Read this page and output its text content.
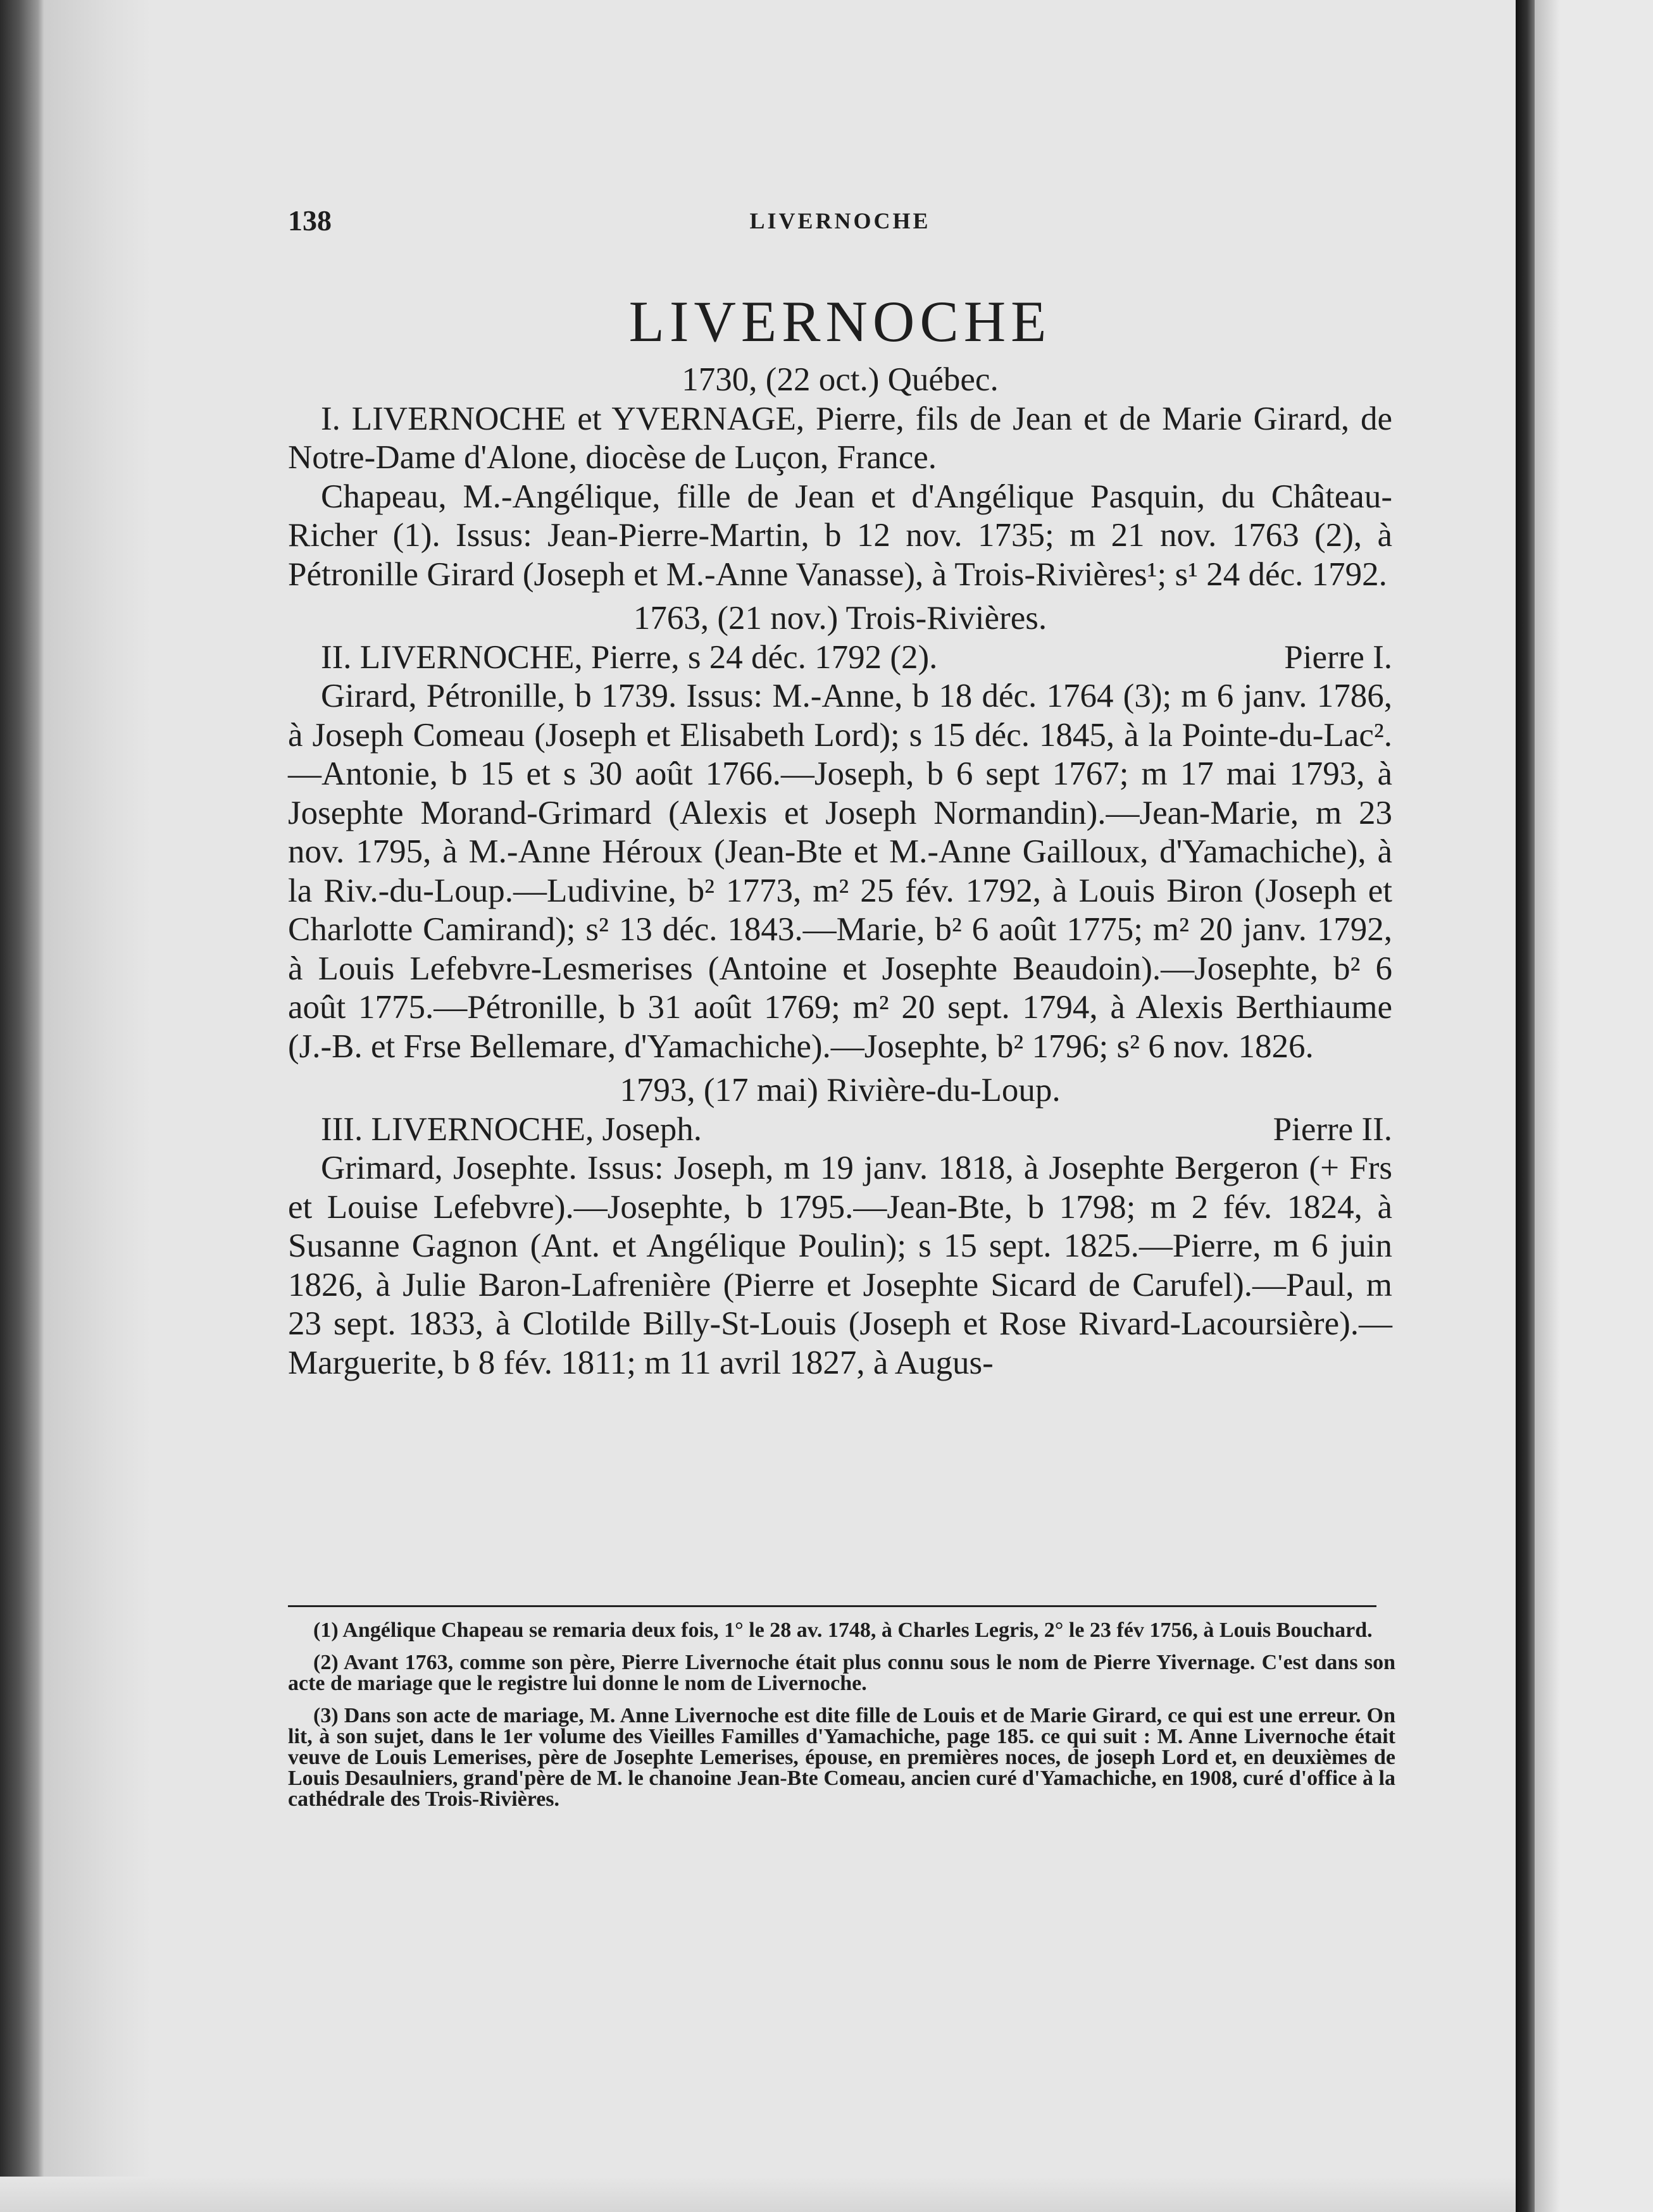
138	LIVERNOCHE
LIVERNOCHE

1730, (22 oct.) Québec.

I. LIVERNOCHE et YVERNAGE, Pierre, fils de Jean et de Marie Girard, de Notre-Dame d'Alone, diocèse de Luçon, France.

Chapeau, M.-Angélique, fille de Jean et d'Angélique Pasquin, du Château-Richer (1). Issus: Jean-Pierre-Martin, b 12 nov. 1735; m 21 nov. 1763 (2), à Pétronille Girard (Joseph et M.-Anne Vanasse), à Trois-Rivières¹; s¹ 24 déc. 1792.

1763, (21 nov.) Trois-Rivières.

II. LIVERNOCHE, Pierre, s 24 déc. 1792 (2).	Pierre I.

Girard, Pétronille, b 1739. Issus: M.-Anne, b 18 déc. 1764 (3); m 6 janv. 1786, à Joseph Comeau (Joseph et Elisabeth Lord); s 15 déc. 1845, à la Pointe-du-Lac².—Antonie, b 15 et s 30 août 1766.—Joseph, b 6 sept 1767; m 17 mai 1793, à Josephte Morand-Grimard (Alexis et Joseph Normandin).—Jean-Marie, m 23 nov. 1795, à M.-Anne Héroux (Jean-Bte et M.-Anne Gailloux, d'Yamachiche), à la Riv.-du-Loup.—Ludivine, b² 1773, m² 25 fév. 1792, à Louis Biron (Joseph et Charlotte Camirand); s² 13 déc. 1843.—Marie, b² 6 août 1775; m² 20 janv. 1792, à Louis Lefebvre-Lesmerises (Antoine et Josephte Beaudoin).—Josephte, b² 6 août 1775.—Pétronille, b 31 août 1769; m² 20 sept. 1794, à Alexis Berthiaume (J.-B. et Frse Bellemare, d'Yamachiche).—Josephte, b² 1796; s² 6 nov. 1826.

1793, (17 mai) Rivière-du-Loup.

III. LIVERNOCHE, Joseph.	Pierre II.

Grimard, Josephte. Issus: Joseph, m 19 janv. 1818, à Josephte Bergeron (+ Frs et Louise Lefebvre).—Josephte, b 1795.—Jean-Bte, b 1798; m 2 fév. 1824, à Susanne Gagnon (Ant. et Angélique Poulin); s 15 sept. 1825.—Pierre, m 6 juin 1826, à Julie Baron-Lafrenière (Pierre et Josephte Sicard de Carufel).—Paul, m 23 sept. 1833, à Clotilde Billy-St-Louis (Joseph et Rose Rivard-Lacoursière).—Marguerite, b 8 fév. 1811; m 11 avril 1827, à Augus-

(1) Angélique Chapeau se remaria deux fois, 1° le 28 av. 1748, à Charles Legris, 2° le 23 fév 1756, à Louis Bouchard.

(2) Avant 1763, comme son père, Pierre Livernoche était plus connu sous le nom de Pierre Yivernage. C'est dans son acte de mariage que le registre lui donne le nom de Livernoche.

(3) Dans son acte de mariage, M. Anne Livernoche est dite fille de Louis et de Marie Girard, ce qui est une erreur. On lit, à son sujet, dans le 1er volume des Vieilles Familles d'Yamachiche, page 185. ce qui suit : M. Anne Livernoche était veuve de Louis Lemerises, père de Josephte Lemerises, épouse, en premières noces, de joseph Lord et, en deuxièmes de Louis Desaulniers, grand'père de M. le chanoine Jean-Bte Comeau, ancien curé d'Yamachiche, en 1908, curé d'office à la cathédrale des Trois-Rivières.
